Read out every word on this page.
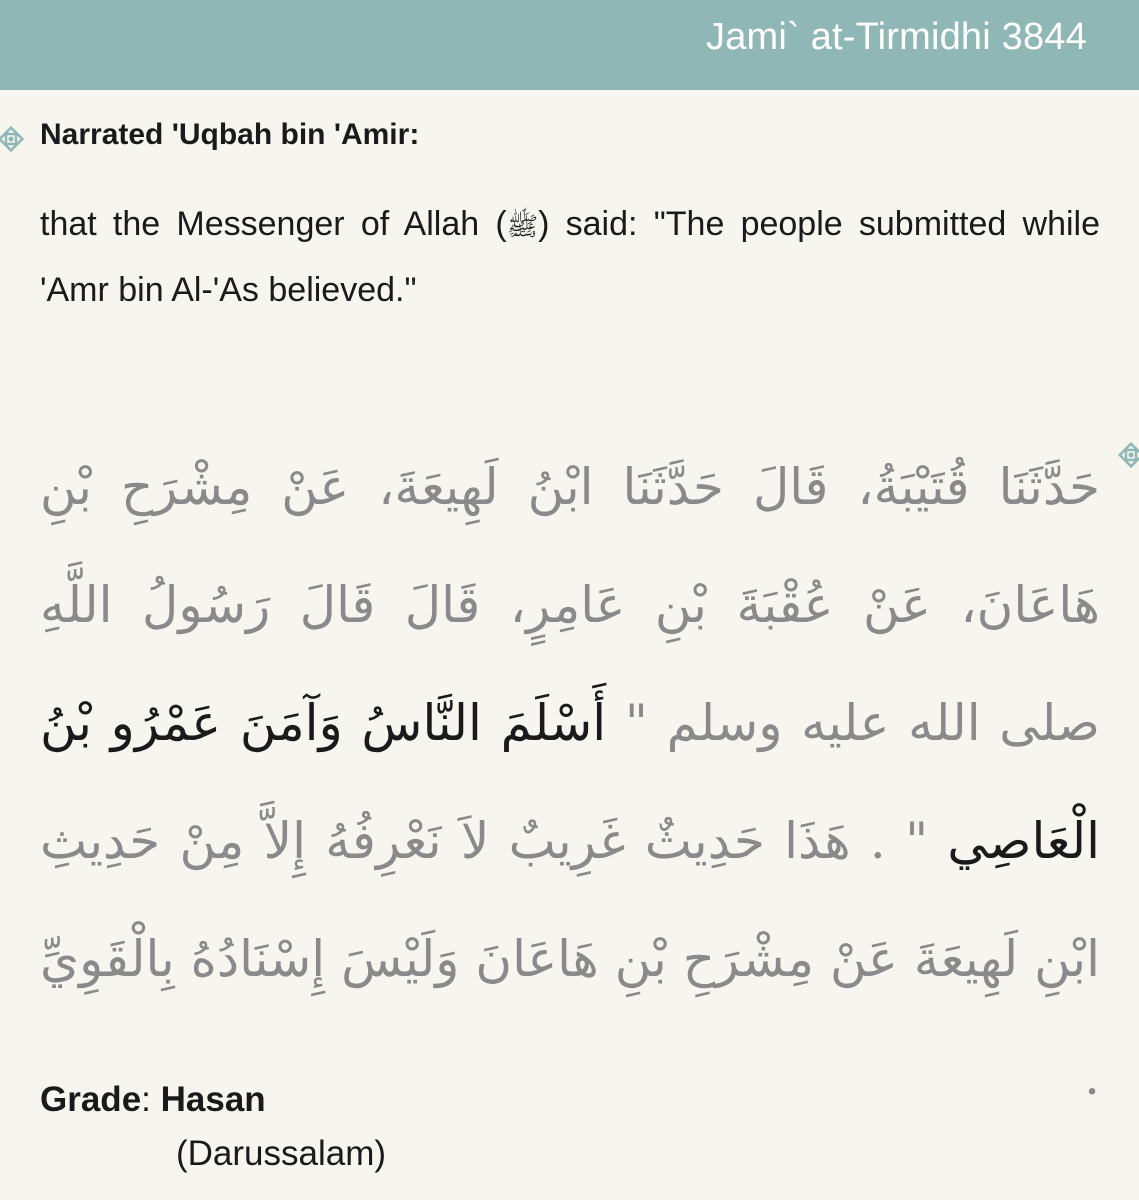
Jami` at-Tirmidhi 3844
Narrated 'Uqbah bin 'Amir:
that the Messenger of Allah (ﷺ) said: "The people submitted while 'Amr bin Al-'As believed."
حَدَّثَنَا قُتَيْبَةُ، قَالَ حَدَّثَنَا ابْنُ لَهِيعَةَ، عَنْ مِشْرَحِ بْنِ هَاعَانَ، عَنْ عُقْبَةَ بْنِ عَامِرٍ، قَالَ قَالَ رَسُولُ اللَّهِ صلى الله عليه وسلم " أَسْلَمَ النَّاسُ وَآمَنَ عَمْرُو بْنُ الْعَاصِي " . هَذَا حَدِيثٌ غَرِيبٌ لاَ نَعْرِفُهُ إِلاَّ مِنْ حَدِيثِ ابْنِ لَهِيعَةَ عَنْ مِشْرَحِ بْنِ هَاعَانَ وَلَيْسَ إِسْنَادُهُ بِالْقَوِيِّ .
Grade: Hasan
(Darussalam)
